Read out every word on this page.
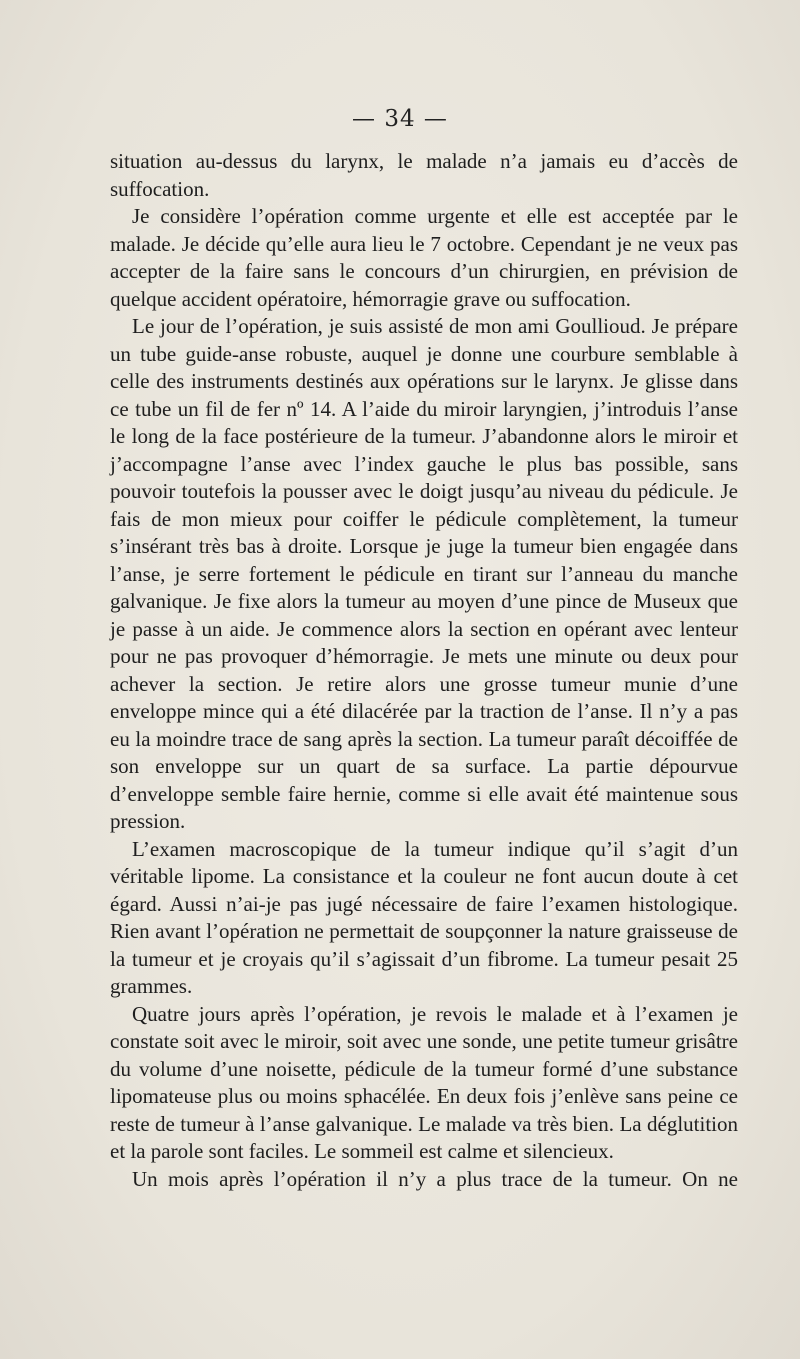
— 34 —

situation au-dessus du larynx, le malade n’a jamais eu d’accès de suffocation.

Je considère l’opération comme urgente et elle est acceptée par le malade. Je décide qu’elle aura lieu le 7 octobre. Cependant je ne veux pas accepter de la faire sans le concours d’un chirurgien, en prévision de quelque accident opératoire, hémorragie grave ou suffocation.

Le jour de l’opération, je suis assisté de mon ami Goullioud. Je prépare un tube guide-anse robuste, auquel je donne une courbure semblable à celle des instruments destinés aux opérations sur le larynx. Je glisse dans ce tube un fil de fer nº 14. A l’aide du miroir laryngien, j’introduis l’anse le long de la face postérieure de la tumeur. J’abandonne alors le miroir et j’accompagne l’anse avec l’index gauche le plus bas possible, sans pouvoir toutefois la pousser avec le doigt jusqu’au niveau du pédicule. Je fais de mon mieux pour coiffer le pédicule complètement, la tumeur s’insérant très bas à droite. Lorsque je juge la tumeur bien engagée dans l’anse, je serre fortement le pédicule en tirant sur l’anneau du manche galvanique. Je fixe alors la tumeur au moyen d’une pince de Museux que je passe à un aide. Je commence alors la section en opérant avec lenteur pour ne pas provoquer d’hémorragie. Je mets une minute ou deux pour achever la section. Je retire alors une grosse tumeur munie d’une enveloppe mince qui a été dilacérée par la traction de l’anse. Il n’y a pas eu la moindre trace de sang après la section. La tumeur paraît décoiffée de son enveloppe sur un quart de sa surface. La partie dépourvue d’enveloppe semble faire hernie, comme si elle avait été maintenue sous pression.

L’examen macroscopique de la tumeur indique qu’il s’agit d’un véritable lipome. La consistance et la couleur ne font aucun doute à cet égard. Aussi n’ai-je pas jugé nécessaire de faire l’examen histologique. Rien avant l’opération ne permettait de soupçonner la nature graisseuse de la tumeur et je croyais qu’il s’agissait d’un fibrome. La tumeur pesait 25 grammes.

Quatre jours après l’opération, je revois le malade et à l’examen je constate soit avec le miroir, soit avec une sonde, une petite tumeur grisâtre du volume d’une noisette, pédicule de la tumeur formé d’une substance lipomateuse plus ou moins sphacélée. En deux fois j’enlève sans peine ce reste de tumeur à l’anse galvanique. Le malade va très bien. La déglutition et la parole sont faciles. Le sommeil est calme et silencieux.

Un mois après l’opération il n’y a plus trace de la tumeur. On ne
